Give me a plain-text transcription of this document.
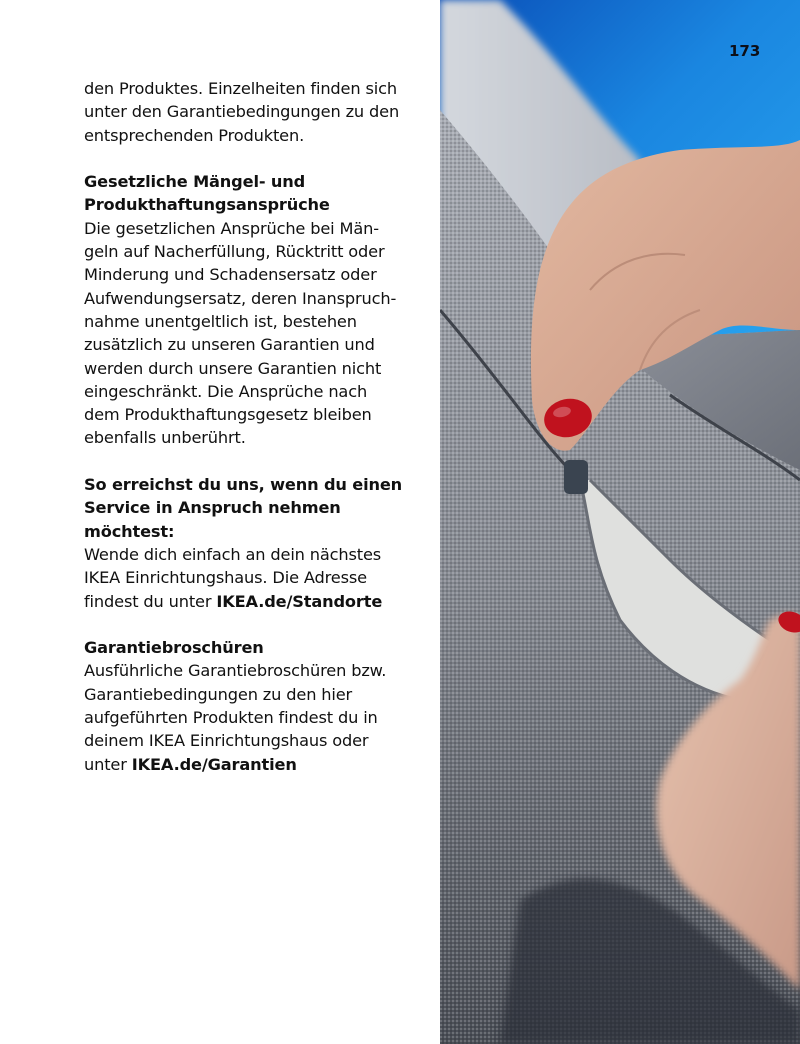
den Produktes. Einzelheiten finden sich
unter den Garantiebedingungen zu den
entsprechenden Produkten.
Gesetzliche Mängel- und
Produkthaftungsansprüche
Die gesetzlichen Ansprüche bei Män-
geln auf Nacherfüllung, Rücktritt oder
Minderung und Schadensersatz oder
Aufwendungsersatz, deren Inanspruch-
nahme unentgeltlich ist, bestehen
zusätzlich zu unseren Garantien und
werden durch unsere Garantien nicht
eingeschränkt. Die Ansprüche nach
dem Produkthaftungsgesetz bleiben
ebenfalls unberührt.
So erreichst du uns, wenn du einen
Service in Anspruch nehmen
möchtest:
Wende dich einfach an dein nächstes
IKEA Einrichtungshaus. Die Adresse
findest du unter IKEA.de/Standorte
Garantiebroschüren
Ausführliche Garantiebroschüren bzw.
Garantiebedingungen zu den hier
aufgeführten Produkten findest du in
deinem IKEA Einrichtungshaus oder
unter IKEA.de/Garantien
173
